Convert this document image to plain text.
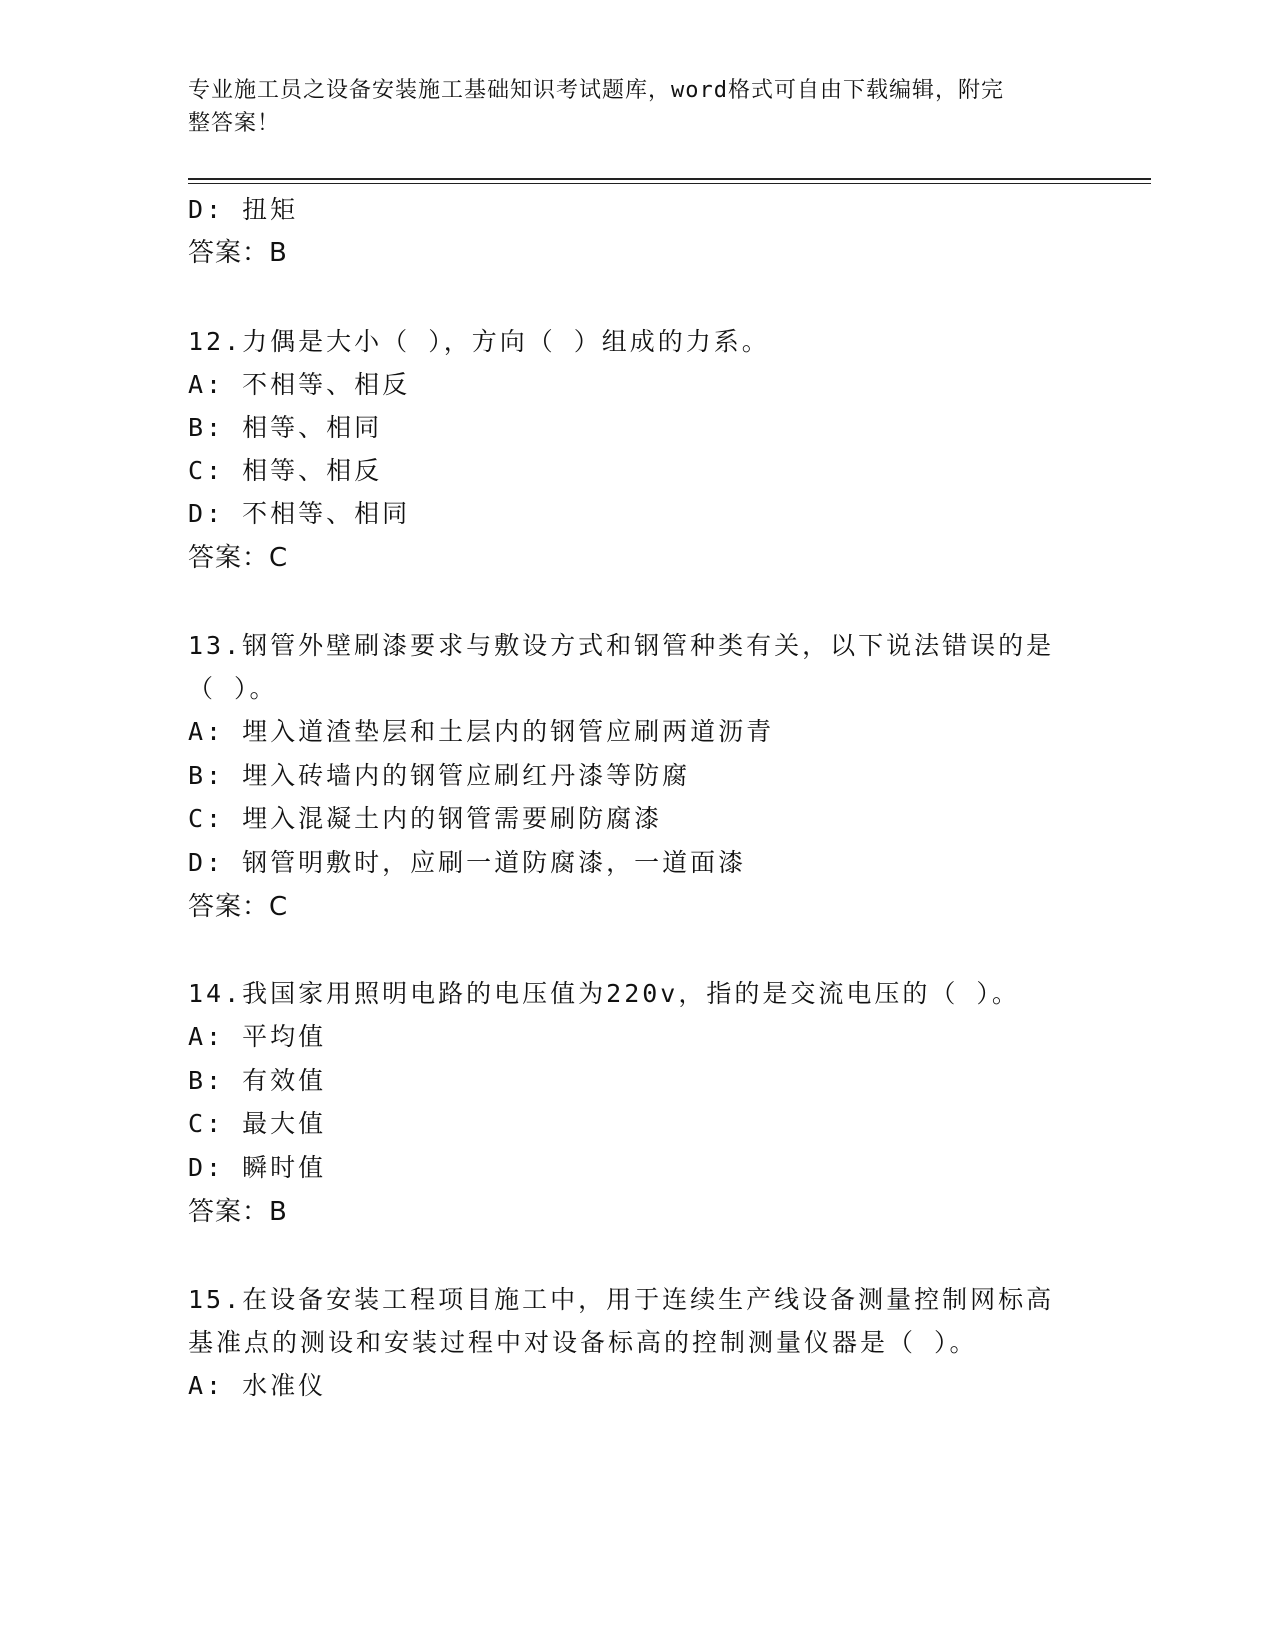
专业施工员之设备安装施工基础知识考试题库，word格式可自由下载编辑，附完
整答案！
D: 扭矩
答案：B
12.力偶是大小（ ），方向（ ）组成的力系。
A: 不相等、相反
B: 相等、相同
C: 相等、相反
D: 不相等、相同
答案：C
13.钢管外壁刷漆要求与敷设方式和钢管种类有关，以下说法错误的是
（ ）。
A: 埋入道渣垫层和土层内的钢管应刷两道沥青
B: 埋入砖墙内的钢管应刷红丹漆等防腐
C: 埋入混凝土内的钢管需要刷防腐漆
D: 钢管明敷时，应刷一道防腐漆，一道面漆
答案：C
14.我国家用照明电路的电压值为220v，指的是交流电压的（ ）。
A: 平均值
B: 有效值
C: 最大值
D: 瞬时值
答案：B
15.在设备安装工程项目施工中，用于连续生产线设备测量控制网标高
基准点的测设和安装过程中对设备标高的控制测量仪器是（ ）。
A: 水准仪
